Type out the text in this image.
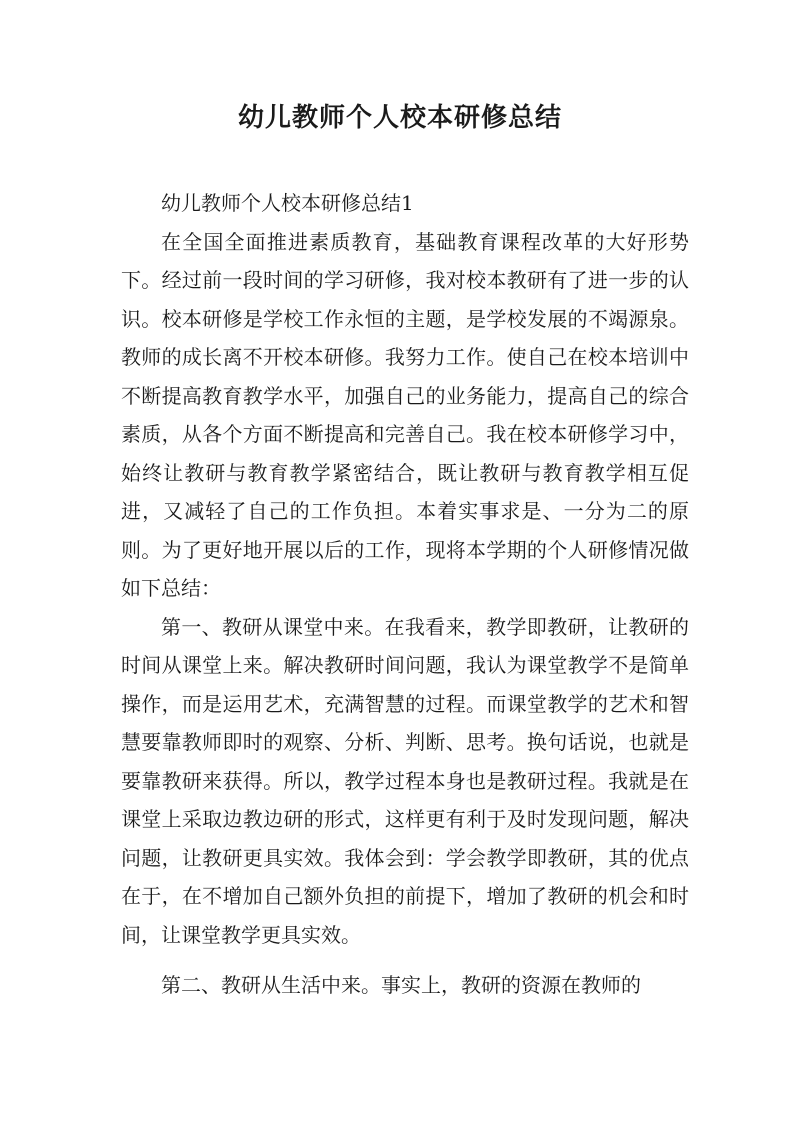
幼儿教师个人校本研修总结

幼儿教师个人校本研修总结1

在全国全面推进素质教育，基础教育课程改革的大好形势下。经过前一段时间的学习研修，我对校本教研有了进一步的认识。校本研修是学校工作永恒的主题，是学校发展的不竭源泉。教师的成长离不开校本研修。我努力工作。使自己在校本培训中不断提高教育教学水平，加强自己的业务能力，提高自己的综合素质，从各个方面不断提高和完善自己。我在校本研修学习中，始终让教研与教育教学紧密结合，既让教研与教育教学相互促进，又减轻了自己的工作负担。本着实事求是、一分为二的原则。为了更好地开展以后的工作，现将本学期的个人研修情况做如下总结：

第一、教研从课堂中来。在我看来，教学即教研，让教研的时间从课堂上来。解决教研时间问题，我认为课堂教学不是简单操作，而是运用艺术，充满智慧的过程。而课堂教学的艺术和智慧要靠教师即时的观察、分析、判断、思考。换句话说，也就是要靠教研来获得。所以，教学过程本身也是教研过程。我就是在课堂上采取边教边研的形式，这样更有利于及时发现问题，解决问题，让教研更具实效。我体会到：学会教学即教研，其的优点在于，在不增加自己额外负担的前提下，增加了教研的机会和时间，让课堂教学更具实效。

第二、教研从生活中来。事实上，教研的资源在教师的
